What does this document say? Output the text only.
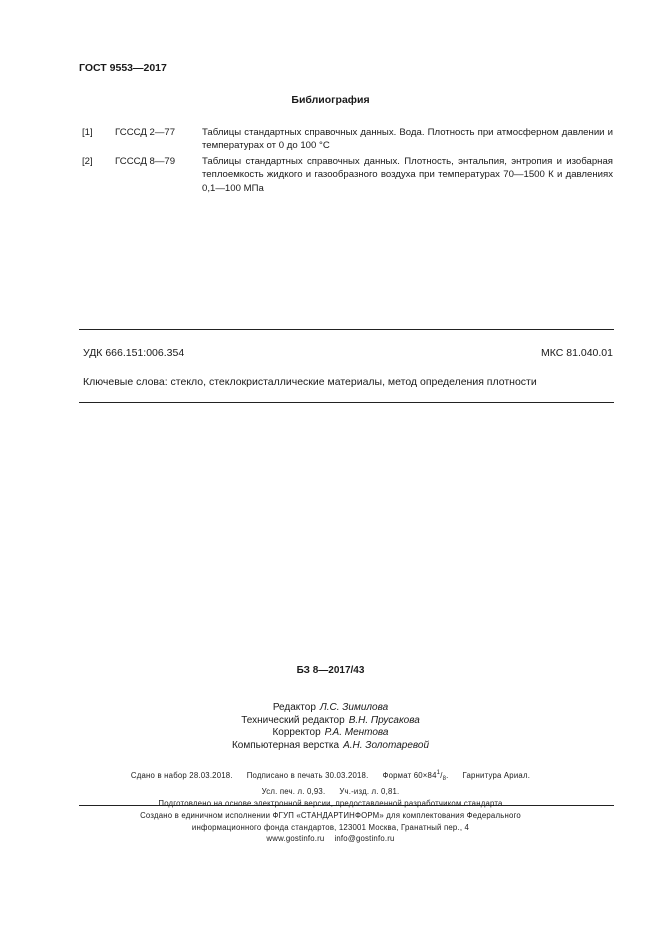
ГОСТ 9553—2017
Библиография
[1] ГСССД 2—77	Таблицы стандартных справочных данных. Вода. Плотность при атмосферном давлении и температурах от 0 до 100 °С
[2] ГСССД 8—79	Таблицы стандартных справочных данных. Плотность, энтальпия, энтропия и изобарная теплоемкость жидкого и газообразного воздуха при температурах 70—1500 К и давлениях 0,1—100 МПа
УДК 666.151:006.354	МКС 81.040.01
Ключевые слова: стекло, стеклокристаллические материалы, метод определения плотности
БЗ 8—2017/43
Редактор Л.С. Зимилова
Технический редактор В.Н. Прусакова
Корректор Р.А. Ментова
Компьютерная верстка А.Н. Золотаревой
Сдано в набор 28.03.2018. Подписано в печать 30.03.2018. Формат $60\times 84^1/_8$. Гарнитура Ариал.
Усл. печ. л. 0,93. Уч.-изд. л. 0,81.
Подготовлено на основе электронной версии, предоставленной разработчиком стандарта
Создано в единичном исполнении ФГУП «СТАНДАРТИНФОРМ» для комплектования Федерального
информационного фонда стандартов, 123001 Москва, Гранатный пер., 4
www.gostinfo.ru info@gostinfo.ru
